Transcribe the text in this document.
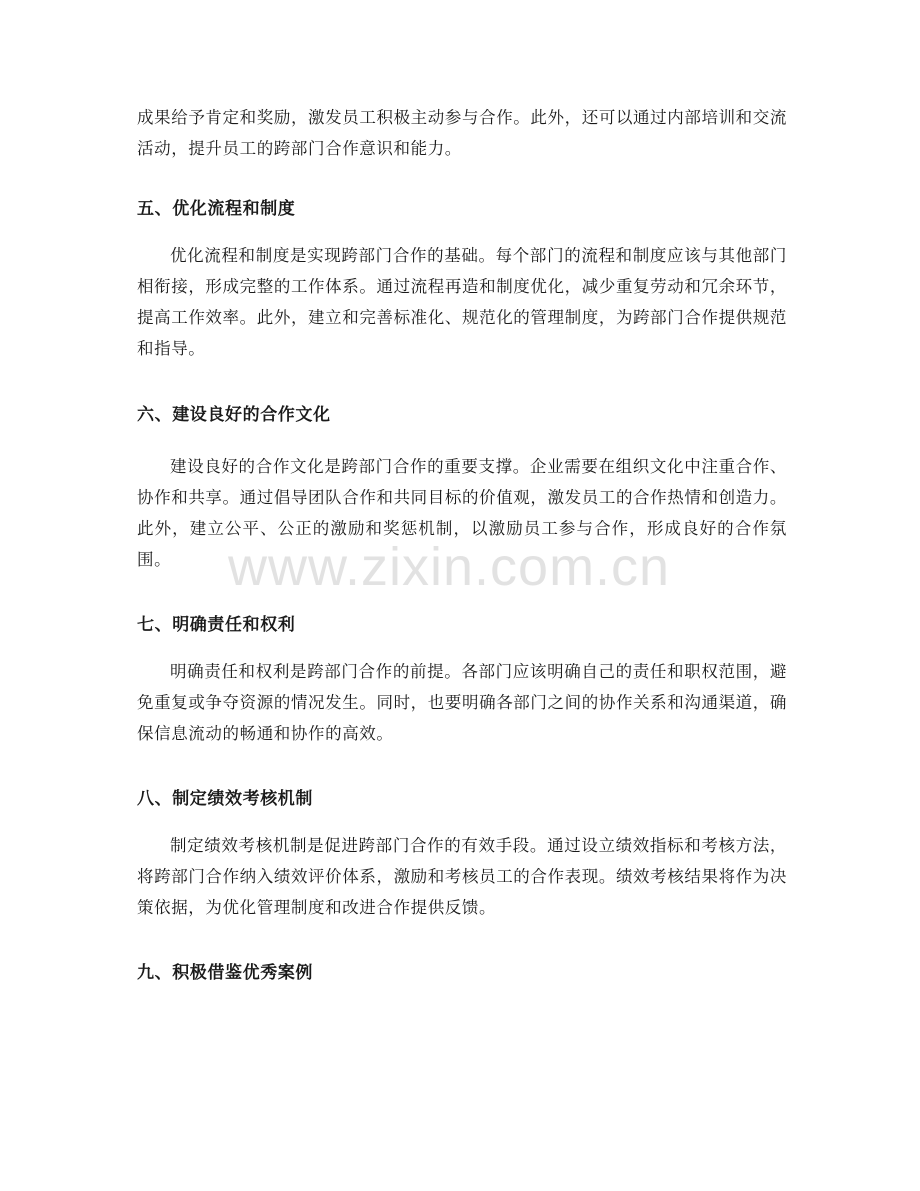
成果给予肯定和奖励，激发员工积极主动参与合作。此外，还可以通过内部培训和交流活动，提升员工的跨部门合作意识和能力。

五、优化流程和制度

优化流程和制度是实现跨部门合作的基础。每个部门的流程和制度应该与其他部门相衔接，形成完整的工作体系。通过流程再造和制度优化，减少重复劳动和冗余环节，提高工作效率。此外，建立和完善标准化、规范化的管理制度，为跨部门合作提供规范和指导。

六、建设良好的合作文化

建设良好的合作文化是跨部门合作的重要支撑。企业需要在组织文化中注重合作、协作和共享。通过倡导团队合作和共同目标的价值观，激发员工的合作热情和创造力。此外，建立公平、公正的激励和奖惩机制，以激励员工参与合作，形成良好的合作氛围。

七、明确责任和权利

明确责任和权利是跨部门合作的前提。各部门应该明确自己的责任和职权范围，避免重复或争夺资源的情况发生。同时，也要明确各部门之间的协作关系和沟通渠道，确保信息流动的畅通和协作的高效。

八、制定绩效考核机制

制定绩效考核机制是促进跨部门合作的有效手段。通过设立绩效指标和考核方法，将跨部门合作纳入绩效评价体系，激励和考核员工的合作表现。绩效考核结果将作为决策依据，为优化管理制度和改进合作提供反馈。

九、积极借鉴优秀案例
www.zixin.com.cn
